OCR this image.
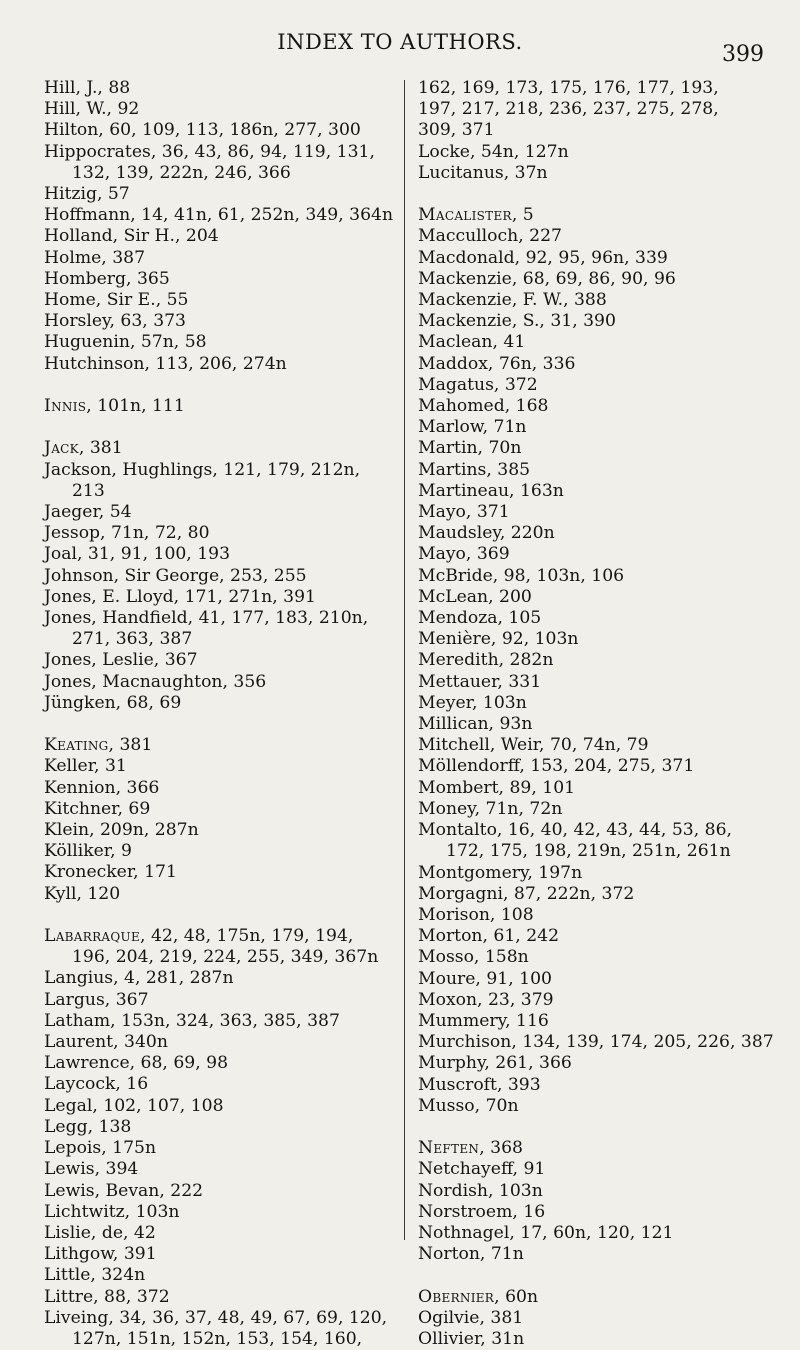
INDEX TO AUTHORS.	399
Hill, J., 88
Hill, W., 92
Hilton, 60, 109, 113, 186n, 277, 300
Hippocrates, 36, 43, 86, 94, 119, 131,
132, 139, 222n, 246, 366
Hitzig, 57
Hoffmann, 14, 41n, 61, 252n, 349, 364n
Holland, Sir H., 204
Holme, 387
Homberg, 365
Home, Sir E., 55
Horsley, 63, 373
Huguenin, 57n, 58
Hutchinson, 113, 206, 274n
Innis, 101n, 111
Jack, 381
Jackson, Hughlings, 121, 179, 212n,
213
Jaeger, 54
Jessop, 71n, 72, 80
Joal, 31, 91, 100, 193
Johnson, Sir George, 253, 255
Jones, E. Lloyd, 171, 271n, 391
Jones, Handfield, 41, 177, 183, 210n,
271, 363, 387
Jones, Leslie, 367
Jones, Macnaughton, 356
Jüngken, 68, 69
Keating, 381
Keller, 31
Kennion, 366
Kitchner, 69
Klein, 209n, 287n
Kölliker, 9
Kronecker, 171
Kyll, 120
Labarraque, 42, 48, 175n, 179, 194,
196, 204, 219, 224, 255, 349, 367n
Langius, 4, 281, 287n
Largus, 367
Latham, 153n, 324, 363, 385, 387
Laurent, 340n
Lawrence, 68, 69, 98
Laycock, 16
Legal, 102, 107, 108
Legg, 138
Lepois, 175n
Lewis, 394
Lewis, Bevan, 222
Lichtwitz, 103n
Lislie, de, 42
Lithgow, 391
Little, 324n
Littre, 88, 372
Liveing, 34, 36, 37, 48, 49, 67, 69, 120,
127n, 151n, 152n, 153, 154, 160,
162, 169, 173, 175, 176, 177, 193,
197, 217, 218, 236, 237, 275, 278,
309, 371
Locke, 54n, 127n
Lucitanus, 37n
Macalister, 5
Macculloch, 227
Macdonald, 92, 95, 96n, 339
Mackenzie, 68, 69, 86, 90, 96
Mackenzie, F. W., 388
Mackenzie, S., 31, 390
Maclean, 41
Maddox, 76n, 336
Magatus, 372
Mahomed, 168
Marlow, 71n
Martin, 70n
Martins, 385
Martineau, 163n
Mayo, 371
Maudsley, 220n
Mayo, 369
McBride, 98, 103n, 106
McLean, 200
Mendoza, 105
Menière, 92, 103n
Meredith, 282n
Mettauer, 331
Meyer, 103n
Millican, 93n
Mitchell, Weir, 70, 74n, 79
Möllendorff, 153, 204, 275, 371
Mombert, 89, 101
Money, 71n, 72n
Montalto, 16, 40, 42, 43, 44, 53, 86,
172, 175, 198, 219n, 251n, 261n
Montgomery, 197n
Morgagni, 87, 222n, 372
Morison, 108
Morton, 61, 242
Mosso, 158n
Moure, 91, 100
Moxon, 23, 379
Mummery, 116
Murchison, 134, 139, 174, 205, 226, 387
Murphy, 261, 366
Muscroft, 393
Musso, 70n
Neften, 368
Netchayeff, 91
Nordish, 103n
Norstroem, 16
Nothnagel, 17, 60n, 120, 121
Norton, 71n
Obernier, 60n
Ogilvie, 381
Ollivier, 31n
